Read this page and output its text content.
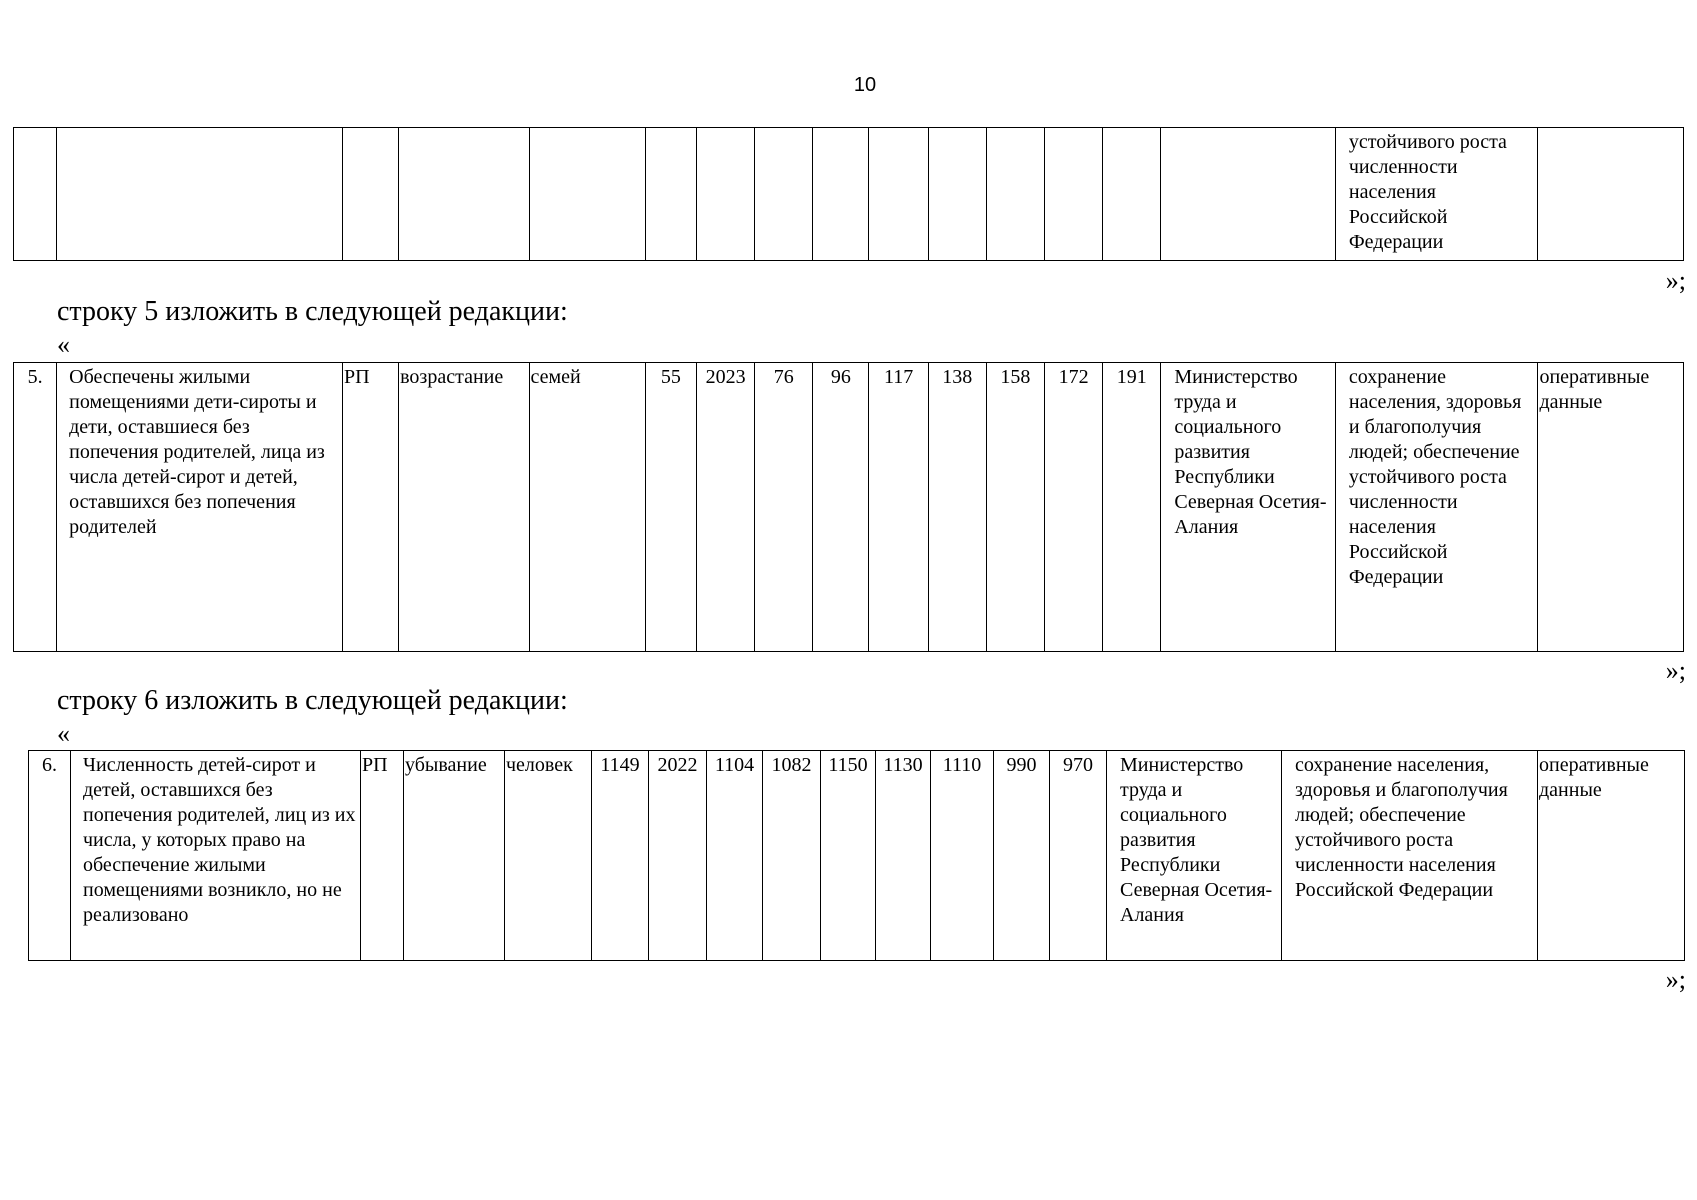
10
															устойчивого роста численности населения Российской Федерации	
»;
строку 5 изложить в следующей редакции:
«
5.	Обеспечены жилыми помещениями дети-сироты и дети, оставшиеся без попечения родителей, лица из числа детей-сирот и детей, оставшихся без попечения родителей	РП	возрастание	семей	55	2023	76	96	117	138	158	172	191	Министерство труда и социального развития Республики Северная Осетия-Алания	сохранение населения, здоровья и благополучия людей; обеспечение устойчивого роста численности населения Российской Федерации	оперативные данные
»;
строку 6 изложить в следующей редакции:
«
6.	Численность детей-сирот и детей, оставшихся без попечения родителей, лиц из их числа, у которых право на обеспечение жилыми помещениями возникло, но не реализовано	РП	убывание	человек	1149	2022	1104	1082	1150	1130	1110	990	970	Министерство труда и социального развития Республики Северная Осетия-Алания	сохранение населения, здоровья и благополучия людей; обеспечение устойчивого роста численности населения Российской Федерации	оперативные данные
»;
